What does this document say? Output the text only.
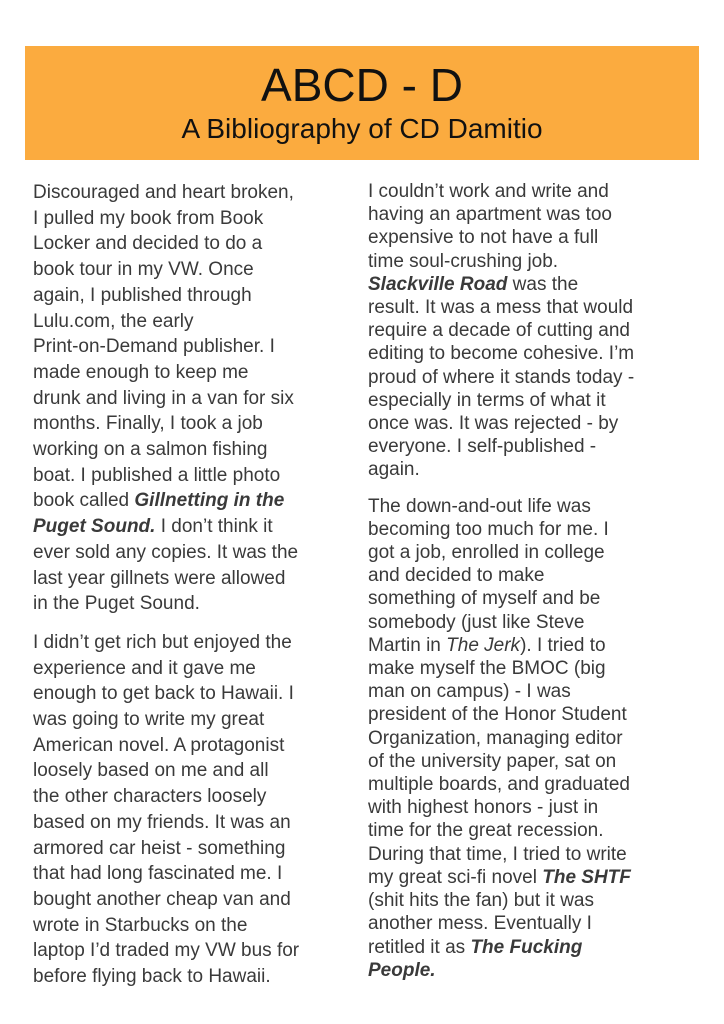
ABCD - D
A Bibliography of CD Damitio

Discouraged and heart broken,
I pulled my book from Book
Locker and decided to do a
book tour in my VW. Once
again, I published through
Lulu.com, the early
Print-on-Demand publisher. I
made enough to keep me
drunk and living in a van for six
months. Finally, I took a job
working on a salmon fishing
boat. I published a little photo
book called Gillnetting in the
Puget Sound. I don’t think it
ever sold any copies. It was the
last year gillnets were allowed
in the Puget Sound.

I didn’t get rich but enjoyed the
experience and it gave me
enough to get back to Hawaii. I
was going to write my great
American novel. A protagonist
loosely based on me and all
the other characters loosely
based on my friends. It was an
armored car heist - something
that had long fascinated me. I
bought another cheap van and
wrote in Starbucks on the
laptop I’d traded my VW bus for
before flying back to Hawaii.

I couldn’t work and write and
having an apartment was too
expensive to not have a full
time soul-crushing job.
Slackville Road was the
result. It was a mess that would
require a decade of cutting and
editing to become cohesive. I’m
proud of where it stands today -
especially in terms of what it
once was. It was rejected - by
everyone. I self-published -
again.

The down-and-out life was
becoming too much for me. I
got a job, enrolled in college
and decided to make
something of myself and be
somebody (just like Steve
Martin in The Jerk). I tried to
make myself the BMOC (big
man on campus) - I was
president of the Honor Student
Organization, managing editor
of the university paper, sat on
multiple boards, and graduated
with highest honors - just in
time for the great recession.
During that time, I tried to write
my great sci-fi novel The SHTF
(shit hits the fan) but it was
another mess. Eventually I
retitled it as The Fucking
People.
